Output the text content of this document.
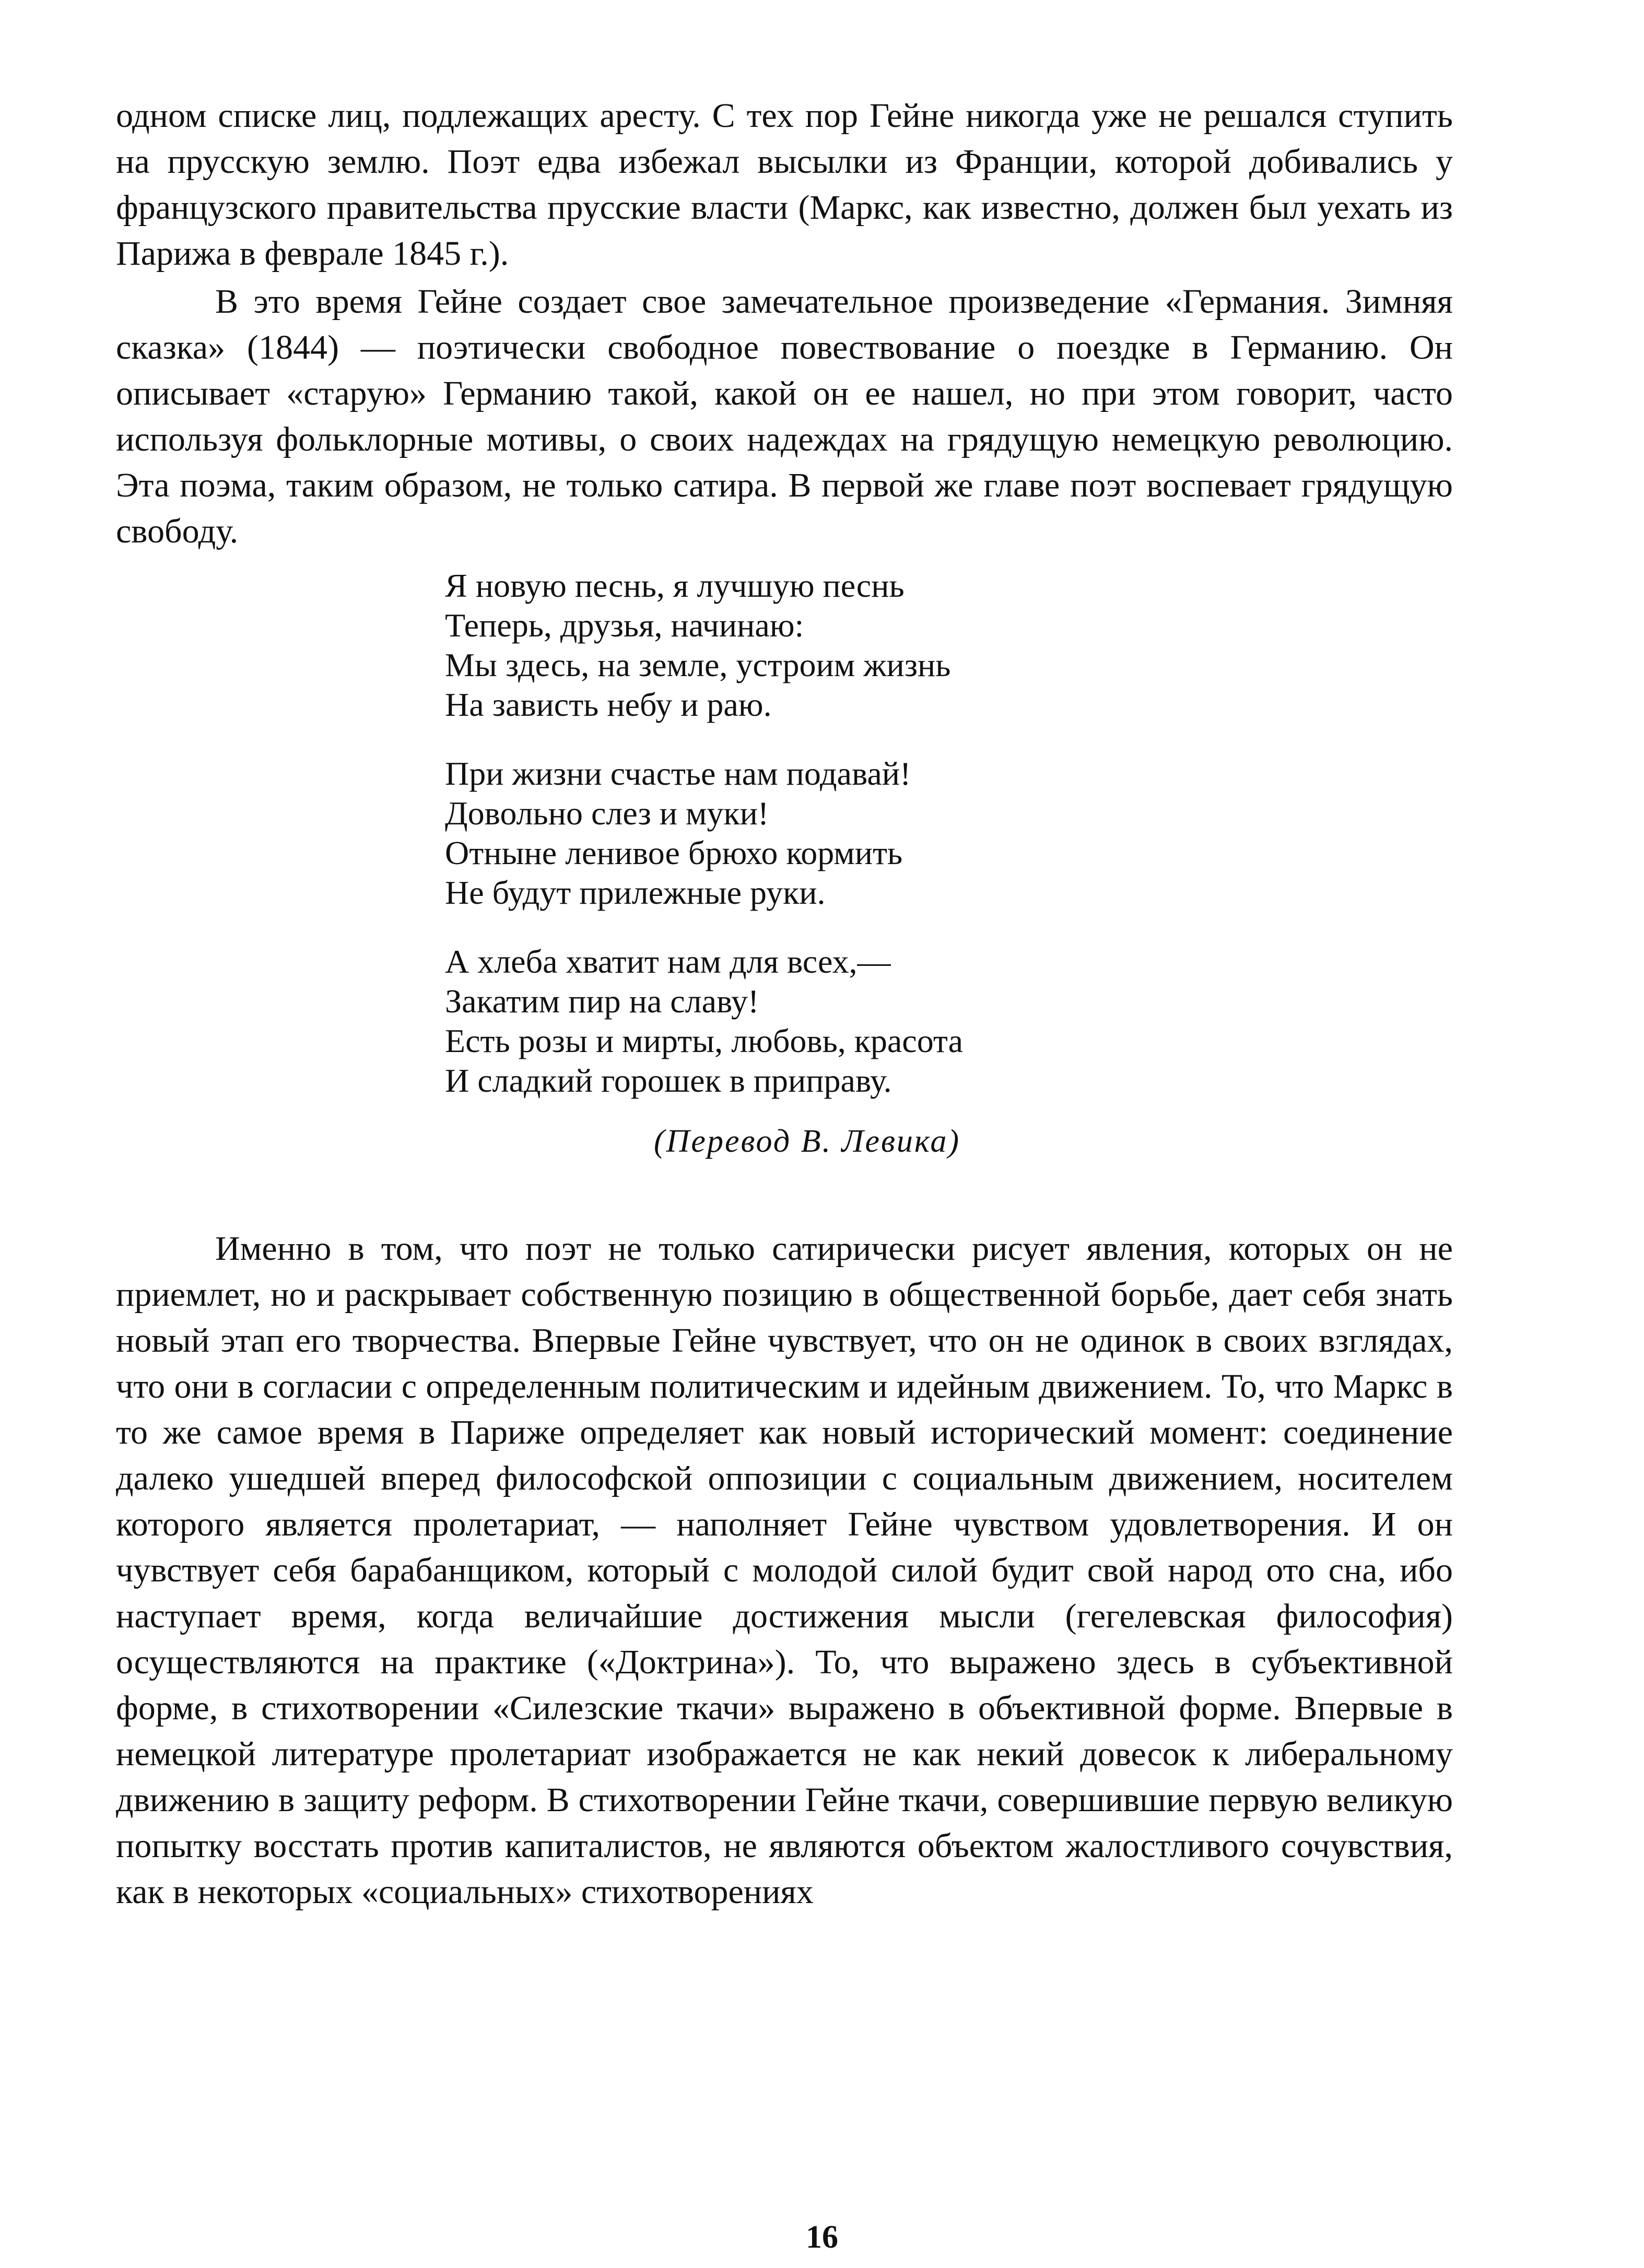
одном списке лиц, подлежащих аресту. С тех пор Гейне никогда уже не решался ступить на прусскую землю. Поэт едва избежал высылки из Франции, которой добивались у французского правительства прусские власти (Маркс, как известно, должен был уехать из Парижа в феврале 1845 г.).

В это время Гейне создает свое замечательное произведение «Германия. Зимняя сказка» (1844) — поэтически свободное повествование о поездке в Германию. Он описывает «старую» Германию такой, какой он ее нашел, но при этом говорит, часто используя фольклорные мотивы, о своих надеждах на грядущую немецкую революцию. Эта поэма, таким образом, не только сатира. В первой же главе поэт воспевает грядущую свободу.

Я новую песнь, я лучшую песнь
Теперь, друзья, начинаю:
Мы здесь, на земле, устроим жизнь
На зависть небу и раю.
При жизни счастье нам подавай!
Довольно слез и муки!
Отныне ленивое брюхо кормить
Не будут прилежные руки.
А хлеба хватит нам для всех,—
Закатим пир на славу!
Есть розы и мирты, любовь, красота
И сладкий горошек в приправу.
(Перевод В. Левика)

Именно в том, что поэт не только сатирически рисует явления, которых он не приемлет, но и раскрывает собственную позицию в общественной борьбе, дает себя знать новый этап его творчества. Впервые Гейне чувствует, что он не одинок в своих взглядах, что они в согласии с определенным политическим и идейным движением. То, что Маркс в то же самое время в Париже определяет как новый исторический момент: соединение далеко ушедшей вперед философской оппозиции с социальным движением, носителем которого является пролетариат, — наполняет Гейне чувством удовлетворения. И он чувствует себя барабанщиком, который с молодой силой будит свой народ ото сна, ибо наступает время, когда величайшие достижения мысли (гегелевская философия) осуществляются на практике («Доктрина»). То, что выражено здесь в субъективной форме, в стихотворении «Силезские ткачи» выражено в объективной форме. Впервые в немецкой литературе пролетариат изображается не как некий довесок к либеральному движению в защиту реформ. В стихотворении Гейне ткачи, совершившие первую великую попытку восстать против капиталистов, не являются объектом жалостливого сочувствия, как в некоторых «социальных» стихотворениях

16
